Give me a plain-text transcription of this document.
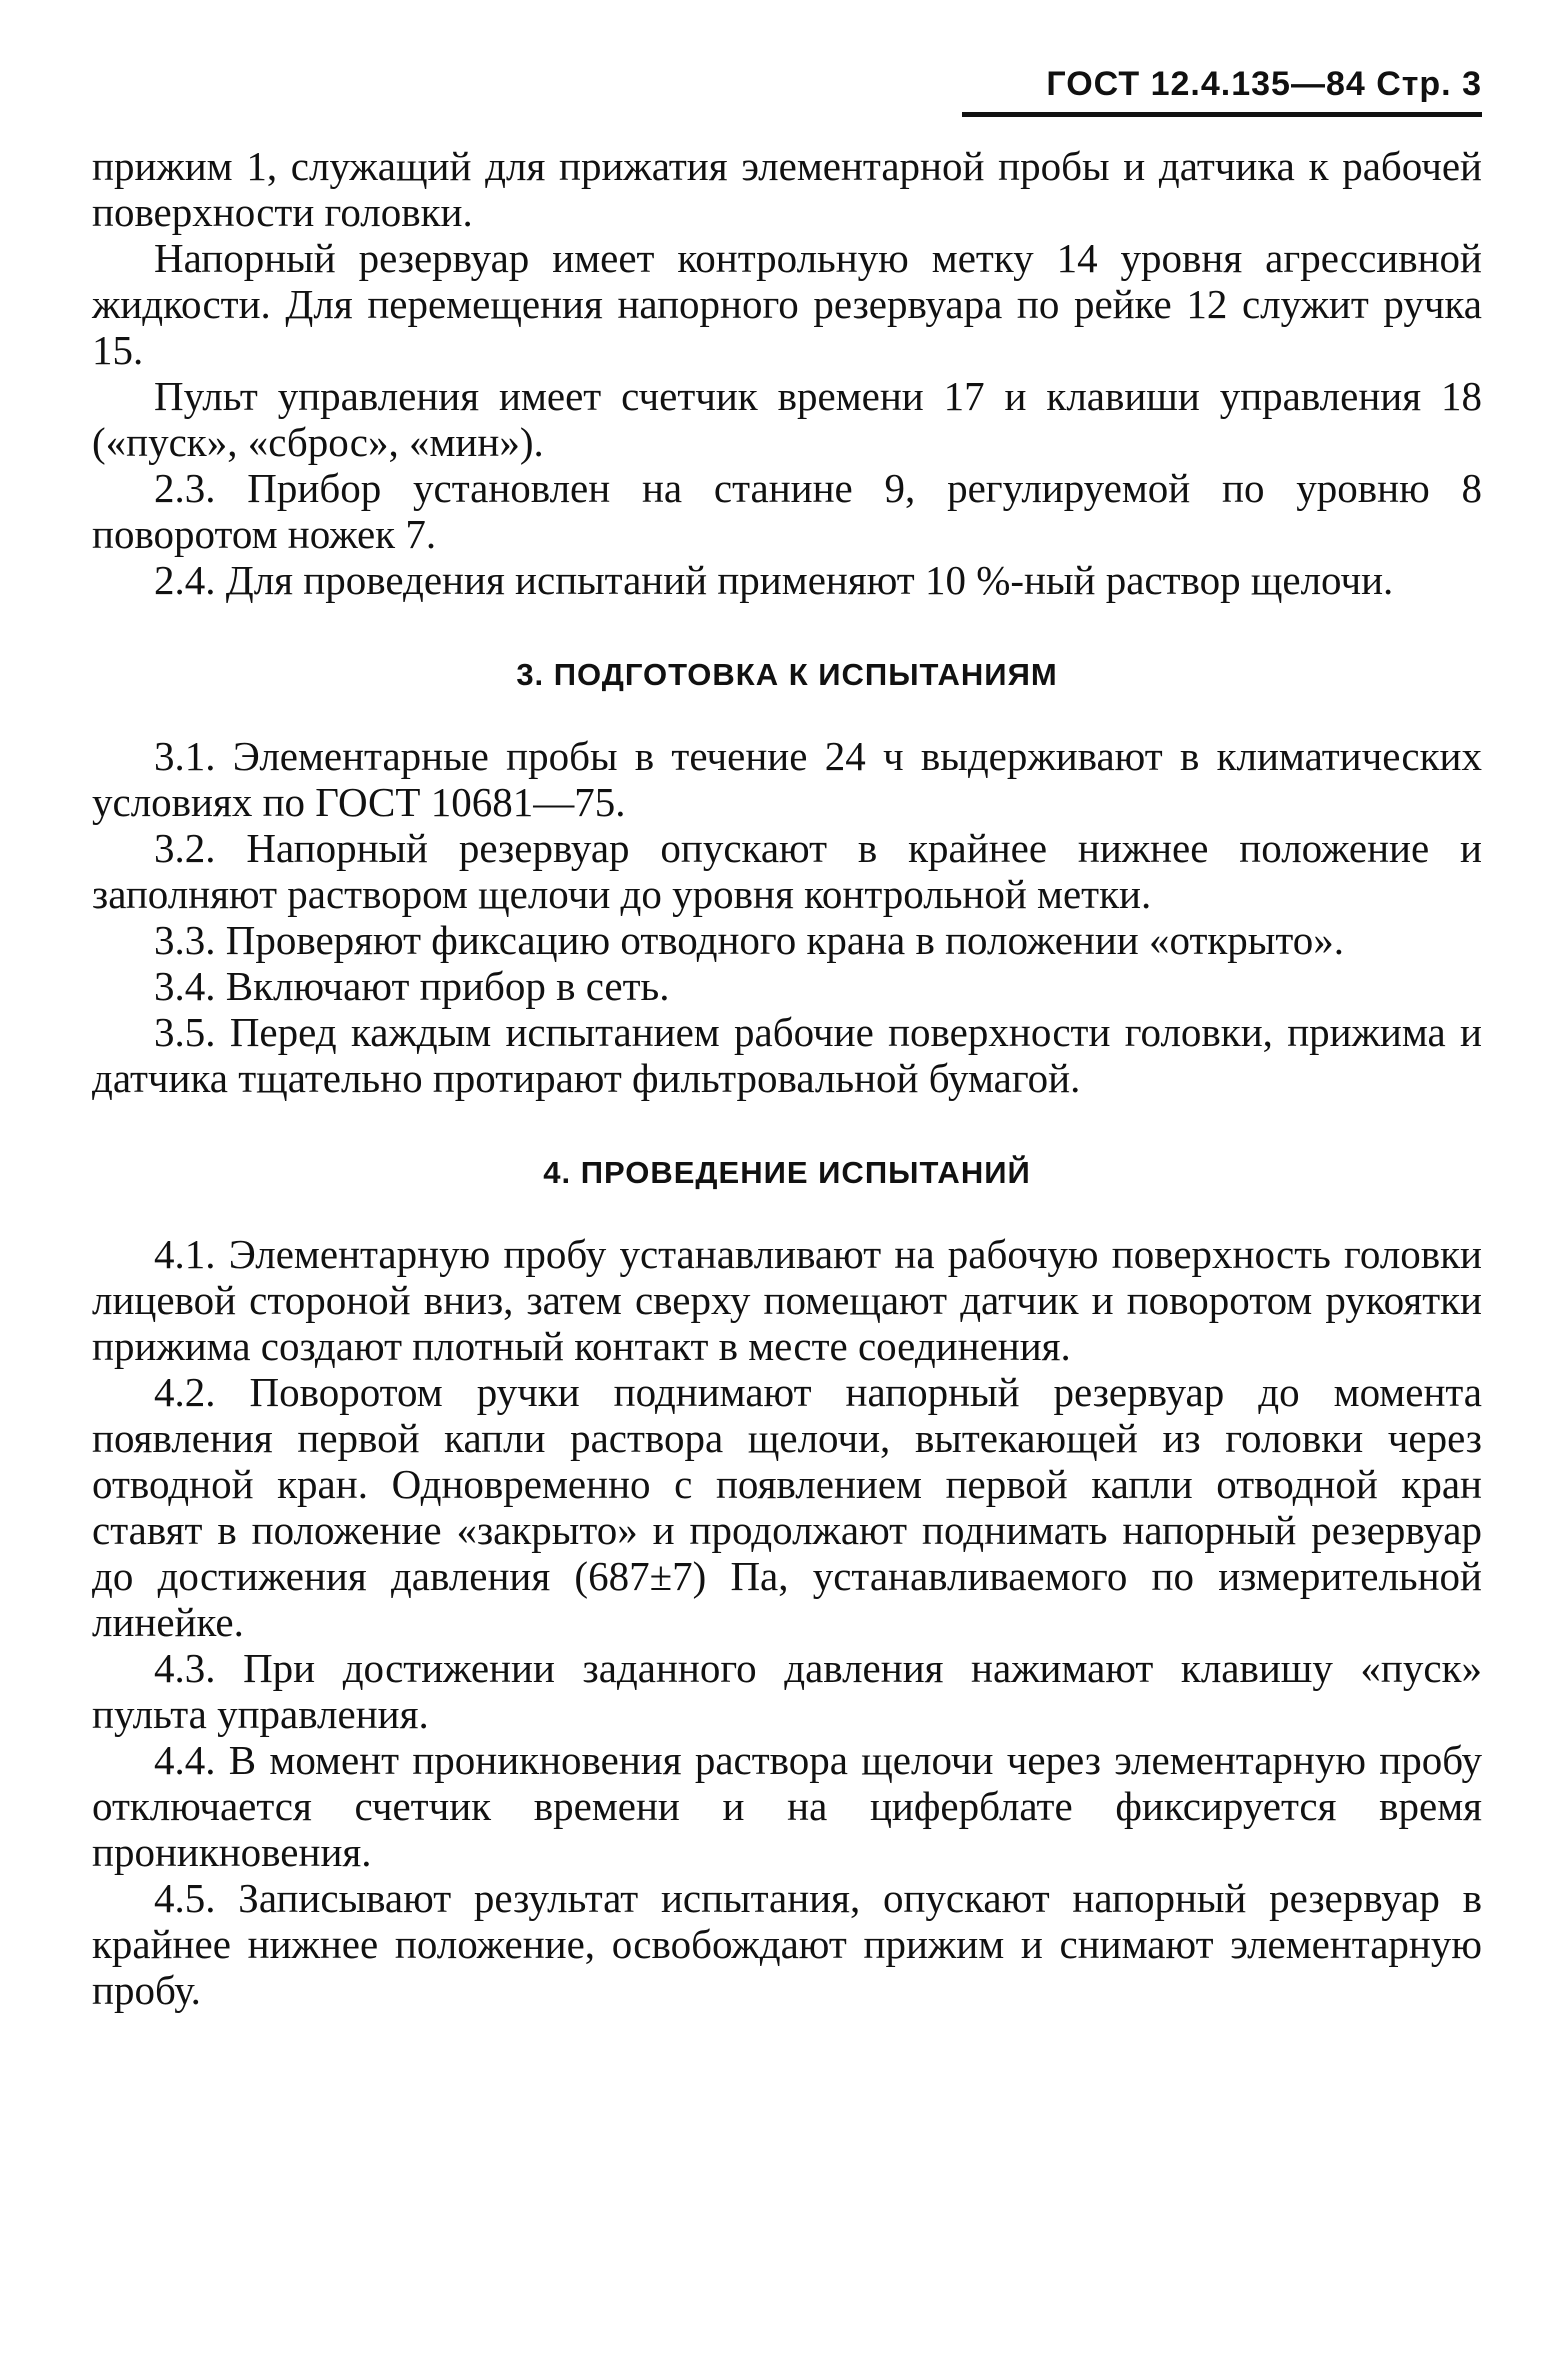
ГОСТ 12.4.135—84 Стр. 3

прижим 1, служащий для прижатия элементарной пробы и датчика к рабочей поверхности головки.

Напорный резервуар имеет контрольную метку 14 уровня агрессивной жидкости. Для перемещения напорного резервуара по рейке 12 служит ручка 15.

Пульт управления имеет счетчик времени 17 и клавиши управления 18 («пуск», «сброс», «мин»).

2.3. Прибор установлен на станине 9, регулируемой по уровню 8 поворотом ножек 7.

2.4. Для проведения испытаний применяют 10 %-ный раствор щелочи.

3. ПОДГОТОВКА К ИСПЫТАНИЯМ

3.1. Элементарные пробы в течение 24 ч выдерживают в климатических условиях по ГОСТ 10681—75.

3.2. Напорный резервуар опускают в крайнее нижнее положение и заполняют раствором щелочи до уровня контрольной метки.

3.3. Проверяют фиксацию отводного крана в положении «открыто».

3.4. Включают прибор в сеть.

3.5. Перед каждым испытанием рабочие поверхности головки, прижима и датчика тщательно протирают фильтровальной бумагой.

4. ПРОВЕДЕНИЕ ИСПЫТАНИЙ

4.1. Элементарную пробу устанавливают на рабочую поверхность головки лицевой стороной вниз, затем сверху помещают датчик и поворотом рукоятки прижима создают плотный контакт в месте соединения.

4.2. Поворотом ручки поднимают напорный резервуар до момента появления первой капли раствора щелочи, вытекающей из головки через отводной кран. Одновременно с появлением первой капли отводной кран ставят в положение «закрыто» и продолжают поднимать напорный резервуар до достижения давления (687±7) Па, устанавливаемого по измерительной линейке.

4.3. При достижении заданного давления нажимают клавишу «пуск» пульта управления.

4.4. В момент проникновения раствора щелочи через элементарную пробу отключается счетчик времени и на циферблате фиксируется время проникновения.

4.5. Записывают результат испытания, опускают напорный резервуар в крайнее нижнее положение, освобождают прижим и снимают элементарную пробу.
